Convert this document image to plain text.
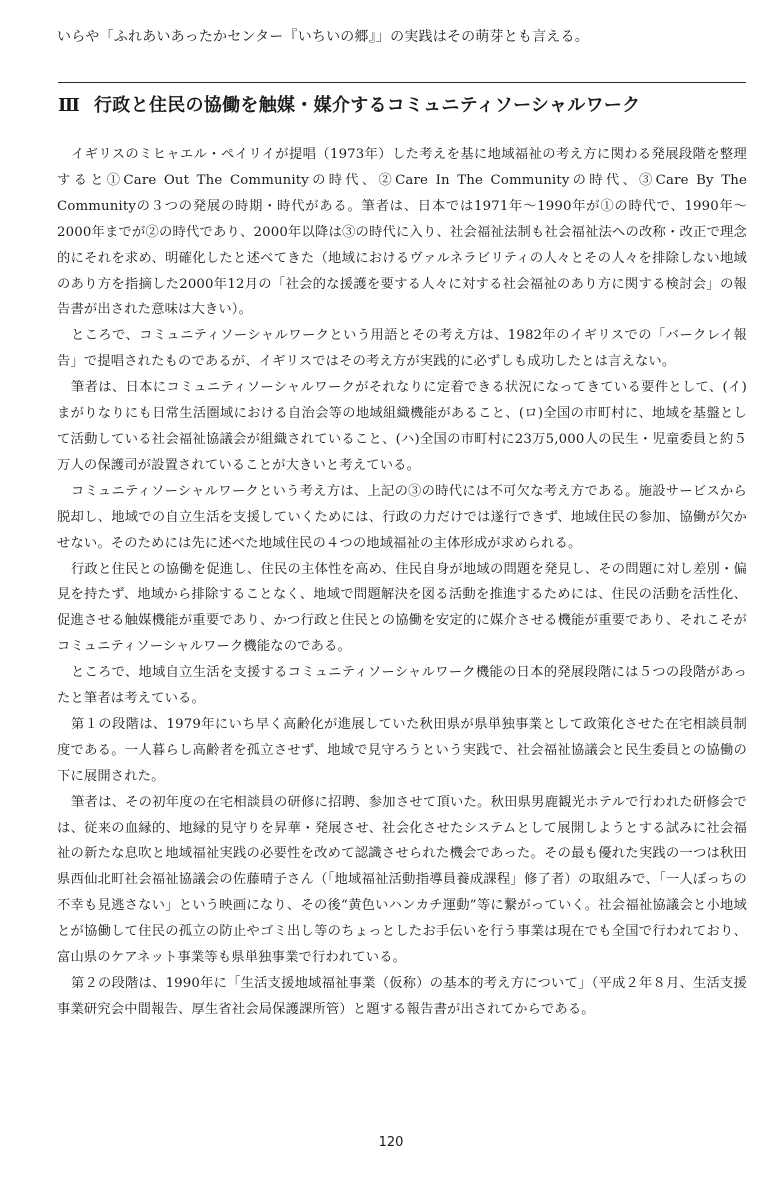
いらや「ふれあいあったかセンター『いちいの郷』」の実践はその萌芽とも言える。
Ⅲ 行政と住民の協働を触媒・媒介するコミュニティソーシャルワーク

イギリスのミヒャエル・ペイリイが提唱（1973年）した考えを基に地域福祉の考え方に関わる発展段階を整理すると①Care Out The Communityの時代、②Care In The Communityの時代、③Care By The Communityの３つの発展の時期・時代がある。筆者は、日本では1971年～1990年が①の時代で、1990年～2000年までが②の時代であり、2000年以降は③の時代に入り、社会福祉法制も社会福祉法への改称・改正で理念的にそれを求め、明確化したと述べてきた（地域におけるヴァルネラビリティの人々とその人々を排除しない地域のあり方を指摘した2000年12月の「社会的な援護を要する人々に対する社会福祉のあり方に関する検討会」の報告書が出された意味は大きい）。

ところで、コミュニティソーシャルワークという用語とその考え方は、1982年のイギリスでの「バークレイ報告」で提唱されたものであるが、イギリスではその考え方が実践的に必ずしも成功したとは言えない。

筆者は、日本にコミュニティソーシャルワークがそれなりに定着できる状況になってきている要件として、(イ)まがりなりにも日常生活圏域における自治会等の地域組織機能があること、(ロ)全国の市町村に、地域を基盤として活動している社会福祉協議会が組織されていること、(ハ)全国の市町村に23万5,000人の民生・児童委員と約５万人の保護司が設置されていることが大きいと考えている。

コミュニティソーシャルワークという考え方は、上記の③の時代には不可欠な考え方である。施設サービスから脱却し、地域での自立生活を支援していくためには、行政の力だけでは遂行できず、地域住民の参加、協働が欠かせない。そのためには先に述べた地域住民の４つの地域福祉の主体形成が求められる。

行政と住民との協働を促進し、住民の主体性を高め、住民自身が地域の問題を発見し、その問題に対し差別・偏見を持たず、地域から排除することなく、地域で問題解決を図る活動を推進するためには、住民の活動を活性化、促進させる触媒機能が重要であり、かつ行政と住民との協働を安定的に媒介させる機能が重要であり、それこそがコミュニティソーシャルワーク機能なのである。

ところで、地域自立生活を支援するコミュニティソーシャルワーク機能の日本的発展段階には５つの段階があったと筆者は考えている。

第１の段階は、1979年にいち早く高齢化が進展していた秋田県が県単独事業として政策化させた在宅相談員制度である。一人暮らし高齢者を孤立させず、地域で見守ろうという実践で、社会福祉協議会と民生委員との協働の下に展開された。

筆者は、その初年度の在宅相談員の研修に招聘、参加させて頂いた。秋田県男鹿観光ホテルで行われた研修会では、従来の血縁的、地縁的見守りを昇華・発展させ、社会化させたシステムとして展開しようとする試みに社会福祉の新たな息吹と地域福祉実践の必要性を改めて認識させられた機会であった。その最も優れた実践の一つは秋田県西仙北町社会福祉協議会の佐藤晴子さん（「地域福祉活動指導員養成課程」修了者）の取組みで、「一人ぼっちの不幸も見逃さない」という映画になり、その後“黄色いハンカチ運動”等に繋がっていく。社会福祉協議会と小地域とが協働して住民の孤立の防止やゴミ出し等のちょっとしたお手伝いを行う事業は現在でも全国で行われており、富山県のケアネット事業等も県単独事業で行われている。

第２の段階は、1990年に「生活支援地域福祉事業（仮称）の基本的考え方について」（平成２年８月、生活支援事業研究会中間報告、厚生省社会局保護課所管）と題する報告書が出されてからである。

120
